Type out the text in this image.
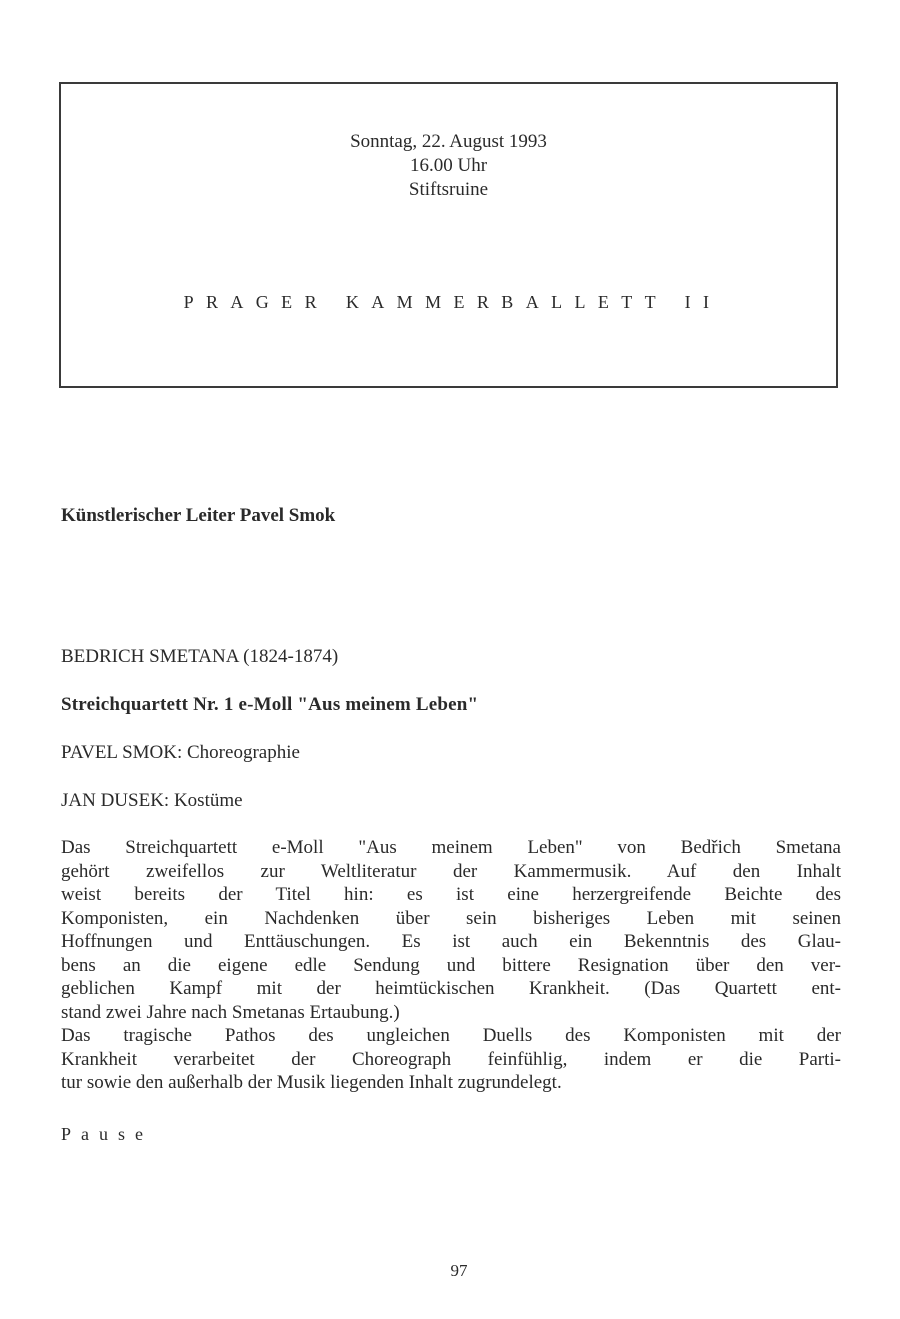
Sonntag, 22. August 1993
16.00 Uhr
Stiftsruine
PRAGER KAMMERBALLETT II
Künstlerischer Leiter Pavel Smok
BEDRICH SMETANA (1824-1874)
Streichquartett Nr. 1 e-Moll "Aus meinem Leben"
PAVEL SMOK: Choreographie
JAN DUSEK: Kostüme
Das Streichquartett e-Moll "Aus meinem Leben" von Bedřich Smetana
gehört zweifellos zur Weltliteratur der Kammermusik. Auf den Inhalt
weist bereits der Titel hin: es ist eine herzergreifende Beichte des
Komponisten, ein Nachdenken über sein bisheriges Leben mit seinen
Hoffnungen und Enttäuschungen. Es ist auch ein Bekenntnis des Glau-
bens an die eigene edle Sendung und bittere Resignation über den ver-
geblichen Kampf mit der heimtückischen Krankheit. (Das Quartett ent-
stand zwei Jahre nach Smetanas Ertaubung.)
Das tragische Pathos des ungleichen Duells des Komponisten mit der
Krankheit verarbeitet der Choreograph feinfühlig, indem er die Parti-
tur sowie den außerhalb der Musik liegenden Inhalt zugrundelegt.
Pause
97
